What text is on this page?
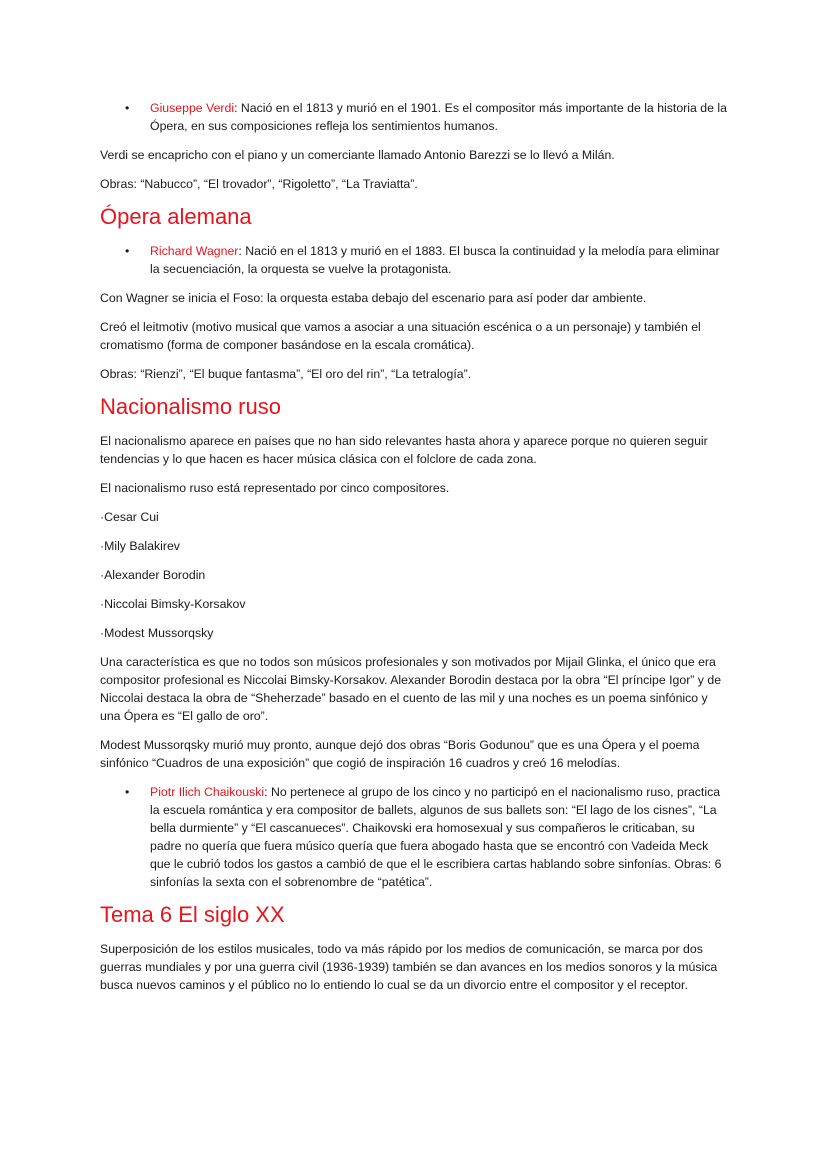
• Giuseppe Verdi: Nació en el 1813 y murió en el 1901. Es el compositor más importante de la historia de la Ópera, en sus composiciones refleja los sentimientos humanos.

Verdi se encapricho con el piano y un comerciante llamado Antonio Barezzi se lo llevó a Milán.

Obras: “Nabucco”, “El trovador”, “Rigoletto”, “La Traviatta”.

Ópera alemana
• Richard Wagner: Nació en el 1813 y murió en el 1883. El busca la continuidad y la melodía para eliminar la secuenciación, la orquesta se vuelve la protagonista.

Con Wagner se inicia el Foso: la orquesta estaba debajo del escenario para así poder dar ambiente.

Creó el leitmotiv (motivo musical que vamos a asociar a una situación escénica o a un personaje) y también el cromatismo (forma de componer basándose en la escala cromática).

Obras: “Rienzi”, “El buque fantasma”, “El oro del rin”, “La tetralogía”.

Nacionalismo ruso

El nacionalismo aparece en países que no han sido relevantes hasta ahora y aparece porque no quieren seguir tendencias y lo que hacen es hacer música clásica con el folclore de cada zona.

El nacionalismo ruso está representado por cinco compositores.

·Cesar Cui

·Mily Balakirev

·Alexander Borodin

·Niccolai Bimsky-Korsakov

·Modest Mussorqsky

Una característica es que no todos son músicos profesionales y son motivados por Mijail Glinka, el único que era compositor profesional es Niccolai Bimsky-Korsakov. Alexander Borodin destaca por la obra “El príncipe Igor” y de Niccolai destaca la obra de “Sheherzade” basado en el cuento de las mil y una noches es un poema sinfónico y una Ópera es “El gallo de oro”.

Modest Mussorqsky murió muy pronto, aunque dejó dos obras “Boris Godunou” que es una Ópera y el poema sinfónico “Cuadros de una exposición” que cogió de inspiración 16 cuadros y creó 16 melodías.

• Piotr Ilich Chaikouski: No pertenece al grupo de los cinco y no participó en el nacionalismo ruso, practica la escuela romántica y era compositor de ballets, algunos de sus ballets son: “El lago de los cisnes”, “La bella durmiente” y “El cascanueces”. Chaikovski era homosexual y sus compañeros le criticaban, su padre no quería que fuera músico quería que fuera abogado hasta que se encontró con Vadeida Meck que le cubrió todos los gastos a cambió de que el le escribiera cartas hablando sobre sinfonías. Obras: 6 sinfonías la sexta con el sobrenombre de “patética”.
Tema 6 El siglo XX

Superposición de los estilos musicales, todo va más rápido por los medios de comunicación, se marca por dos guerras mundiales y por una guerra civil (1936-1939) también se dan avances en los medios sonoros y la música busca nuevos caminos y el público no lo entiendo lo cual se da un divorcio entre el compositor y el receptor.
